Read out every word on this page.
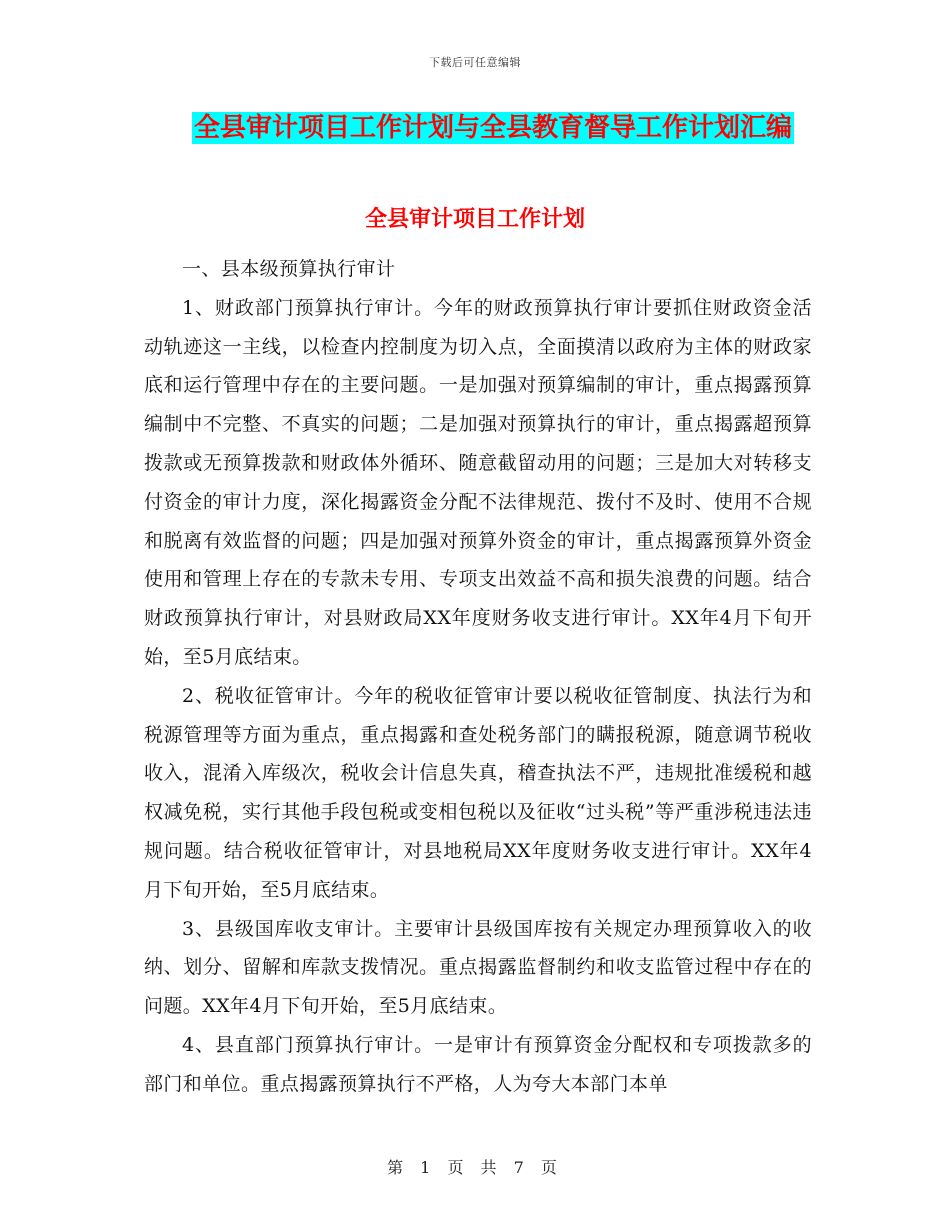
下载后可任意编辑
全县审计项目工作计划与全县教育督导工作计划汇编
全县审计项目工作计划

一、县本级预算执行审计

1、财政部门预算执行审计。今年的财政预算执行审计要抓住财政资金活动轨迹这一主线，以检查内控制度为切入点，全面摸清以政府为主体的财政家底和运行管理中存在的主要问题。一是加强对预算编制的审计，重点揭露预算编制中不完整、不真实的问题；二是加强对预算执行的审计，重点揭露超预算拨款或无预算拨款和财政体外循环、随意截留动用的问题；三是加大对转移支付资金的审计力度，深化揭露资金分配不法律规范、拨付不及时、使用不合规和脱离有效监督的问题；四是加强对预算外资金的审计，重点揭露预算外资金使用和管理上存在的专款未专用、专项支出效益不高和损失浪费的问题。结合财政预算执行审计，对县财政局XX年度财务收支进行审计。XX年4月下旬开始，至5月底结束。

2、税收征管审计。今年的税收征管审计要以税收征管制度、执法行为和税源管理等方面为重点，重点揭露和查处税务部门的瞒报税源，随意调节税收收入，混淆入库级次，税收会计信息失真，稽查执法不严，违规批准缓税和越权减免税，实行其他手段包税或变相包税以及征收“过头税”等严重涉税违法违规问题。结合税收征管审计，对县地税局XX年度财务收支进行审计。XX年4月下旬开始，至5月底结束。

3、县级国库收支审计。主要审计县级国库按有关规定办理预算收入的收纳、划分、留解和库款支拨情况。重点揭露监督制约和收支监管过程中存在的问题。XX年4月下旬开始，至5月底结束。

4、县直部门预算执行审计。一是审计有预算资金分配权和专项拨款多的部门和单位。重点揭露预算执行不严格，人为夸大本部门本单

第 1 页 共 7 页
